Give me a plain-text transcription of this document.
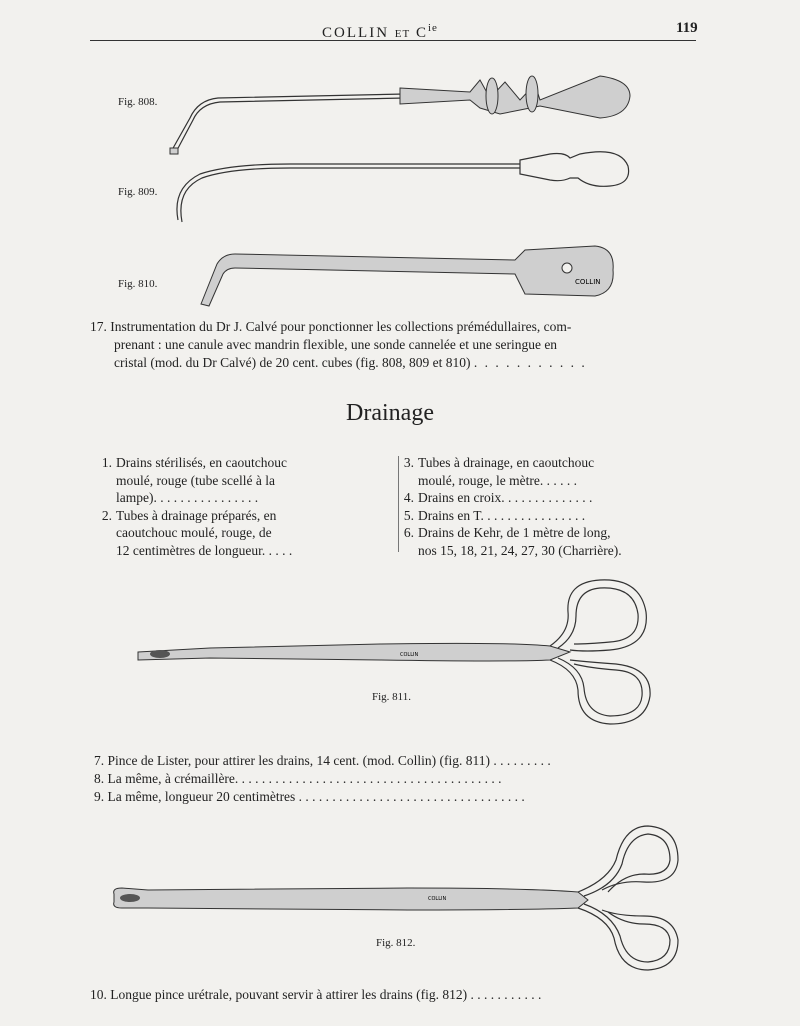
COLLIN ET $C^{ie}$	119
Fig. 808.
Fig. 809.
Fig. 810.	COLLIN
17. Instrumentation du Dr J. Calvé pour ponctionner les collections prémédullaires, com-
prenant : une canule avec mandrin flexible, une sonde cannelée et une seringue en
cristal (mod. du Dr Calvé) de 20 cent. cubes (fig. 808, 809 et 810) . . . . . . . . . . .
Drainage
1. Drains stérilisés, en caoutchouc
moulé, rouge (tube scellé à la
lampe). . . . . . . . . . . . . . . .
2. Tubes à drainage préparés, en
caoutchouc moulé, rouge, de
12 centimètres de longueur. . . . .
3. Tubes à drainage, en caoutchouc
moulé, rouge, le mètre. . . . . .
4. Drains en croix. . . . . . . . . . . . . .
5. Drains en T. . . . . . . . . . . . . . . .
6. Drains de Kehr, de 1 mètre de long,
nos 15, 18, 21, 24, 27, 30 (Charrière).
COLLIN
Fig. 811.
7. Pince de Lister, pour attirer les drains, 14 cent. (mod. Collin) (fig. 811) . . . . . . . . .
8. La même, à crémaillère. . . . . . . . . . . . . . . . . . . . . . . . . . . . . . . . . . . . . . . .
9. La même, longueur 20 centimètres . . . . . . . . . . . . . . . . . . . . . . . . . . . . . . . . . .
COLLIN
Fig. 812.
10. Longue pince urétrale, pouvant servir à attirer les drains (fig. 812) . . . . . . . . . . .
